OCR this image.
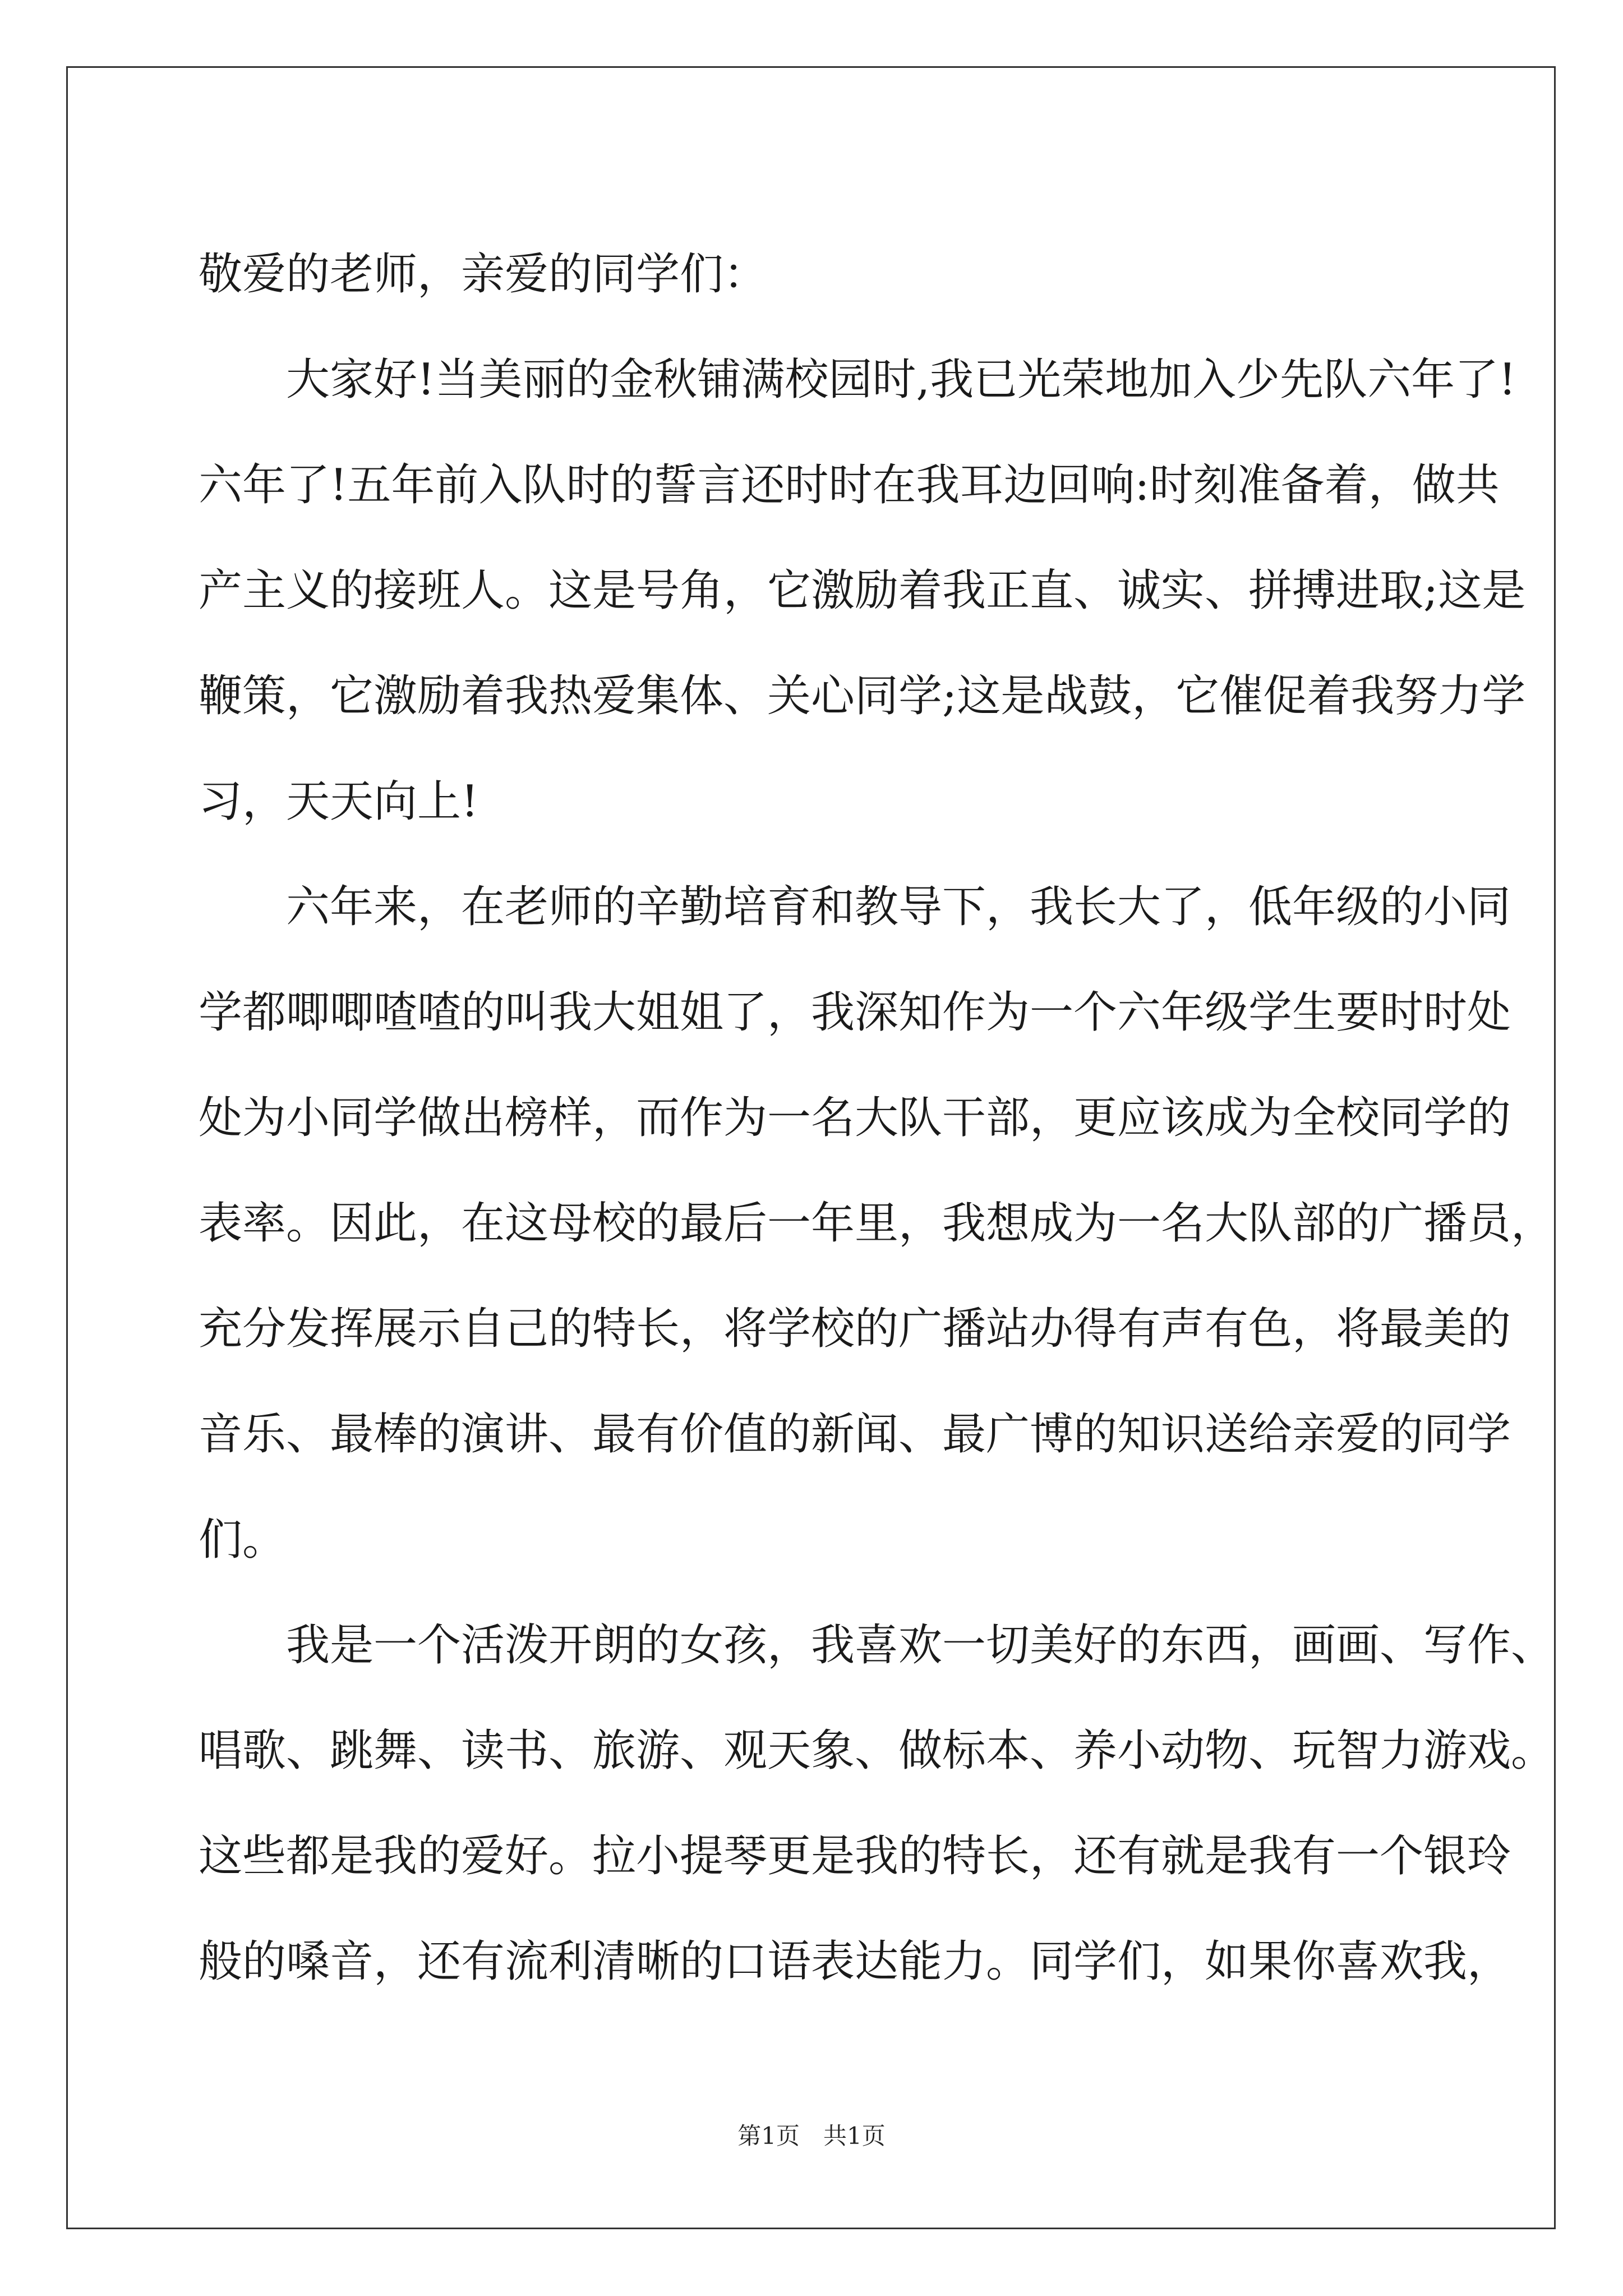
敬爱的老师，亲爱的同学们：
大家好!当美丽的金秋铺满校园时,我已光荣地加入少先队六年了!
六年了!五年前入队时的誓言还时时在我耳边回响:时刻准备着，做共
产主义的接班人。这是号角，它激励着我正直、诚实、拼搏进取;这是
鞭策，它激励着我热爱集体、关心同学;这是战鼓，它催促着我努力学
习，天天向上!
六年来，在老师的辛勤培育和教导下，我长大了，低年级的小同
学都唧唧喳喳的叫我大姐姐了，我深知作为一个六年级学生要时时处
处为小同学做出榜样，而作为一名大队干部，更应该成为全校同学的
表率。因此，在这母校的最后一年里，我想成为一名大队部的广播员，
充分发挥展示自己的特长，将学校的广播站办得有声有色，将最美的
音乐、最棒的演讲、最有价值的新闻、最广博的知识送给亲爱的同学
们。
我是一个活泼开朗的女孩，我喜欢一切美好的东西，画画、写作、
唱歌、跳舞、读书、旅游、观天象、做标本、养小动物、玩智力游戏。
这些都是我的爱好。拉小提琴更是我的特长，还有就是我有一个银玲
般的嗓音，还有流利清晰的口语表达能力。同学们，如果你喜欢我，
第1页　共1页
